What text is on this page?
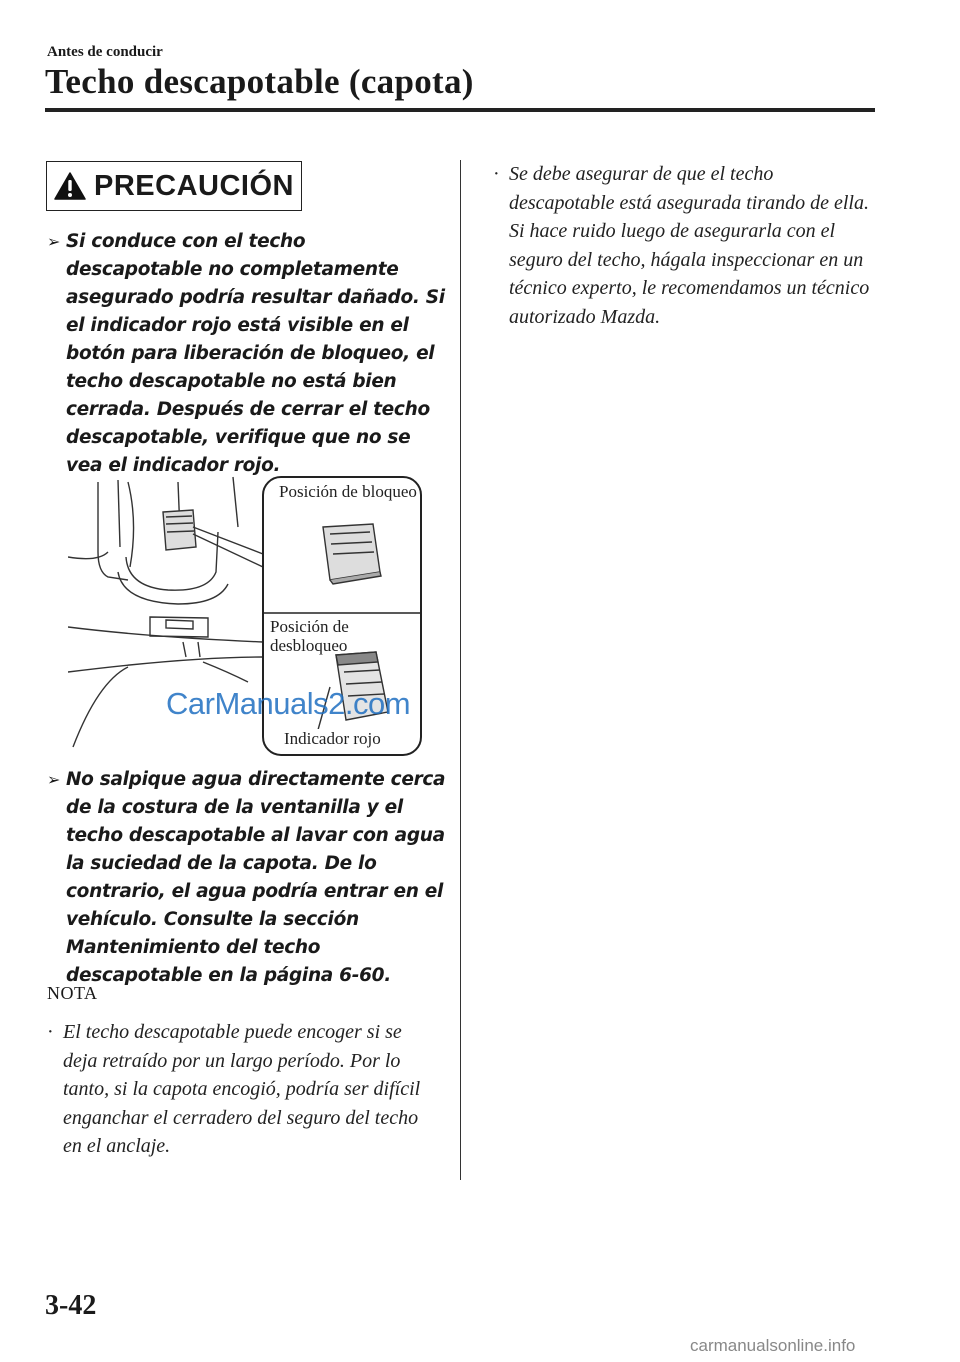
Antes de conducir
Techo descapotable (capota)
PRECAUCIÓN
➢ Si conduce con el techo descapotable no completamente asegurado podría resultar dañado. Si el indicador rojo está visible en el botón para liberación de bloqueo, el techo descapotable no está bien cerrada. Después de cerrar el techo descapotable, verifique que no se vea el indicador rojo.

Posición de bloqueo
Posición de desbloqueo
Indicador rojo
CarManuals2.com
➢ No salpique agua directamente cerca de la costura de la ventanilla y el techo descapotable al lavar con agua la suciedad de la capota. De lo contrario, el agua podría entrar en el vehículo. Consulte la sección Mantenimiento del techo descapotable en la página 6-60.

NOTA
· El techo descapotable puede encoger si se deja retraído por un largo período. Por lo tanto, si la capota encogió, podría ser difícil enganchar el cerradero del seguro del techo en el anclaje.

· Se debe asegurar de que el techo descapotable está asegurada tirando de ella. Si hace ruido luego de asegurarla con el seguro del techo, hágala inspeccionar en un técnico experto, le recomendamos un técnico autorizado Mazda.

3-42
carmanualsonline.info
